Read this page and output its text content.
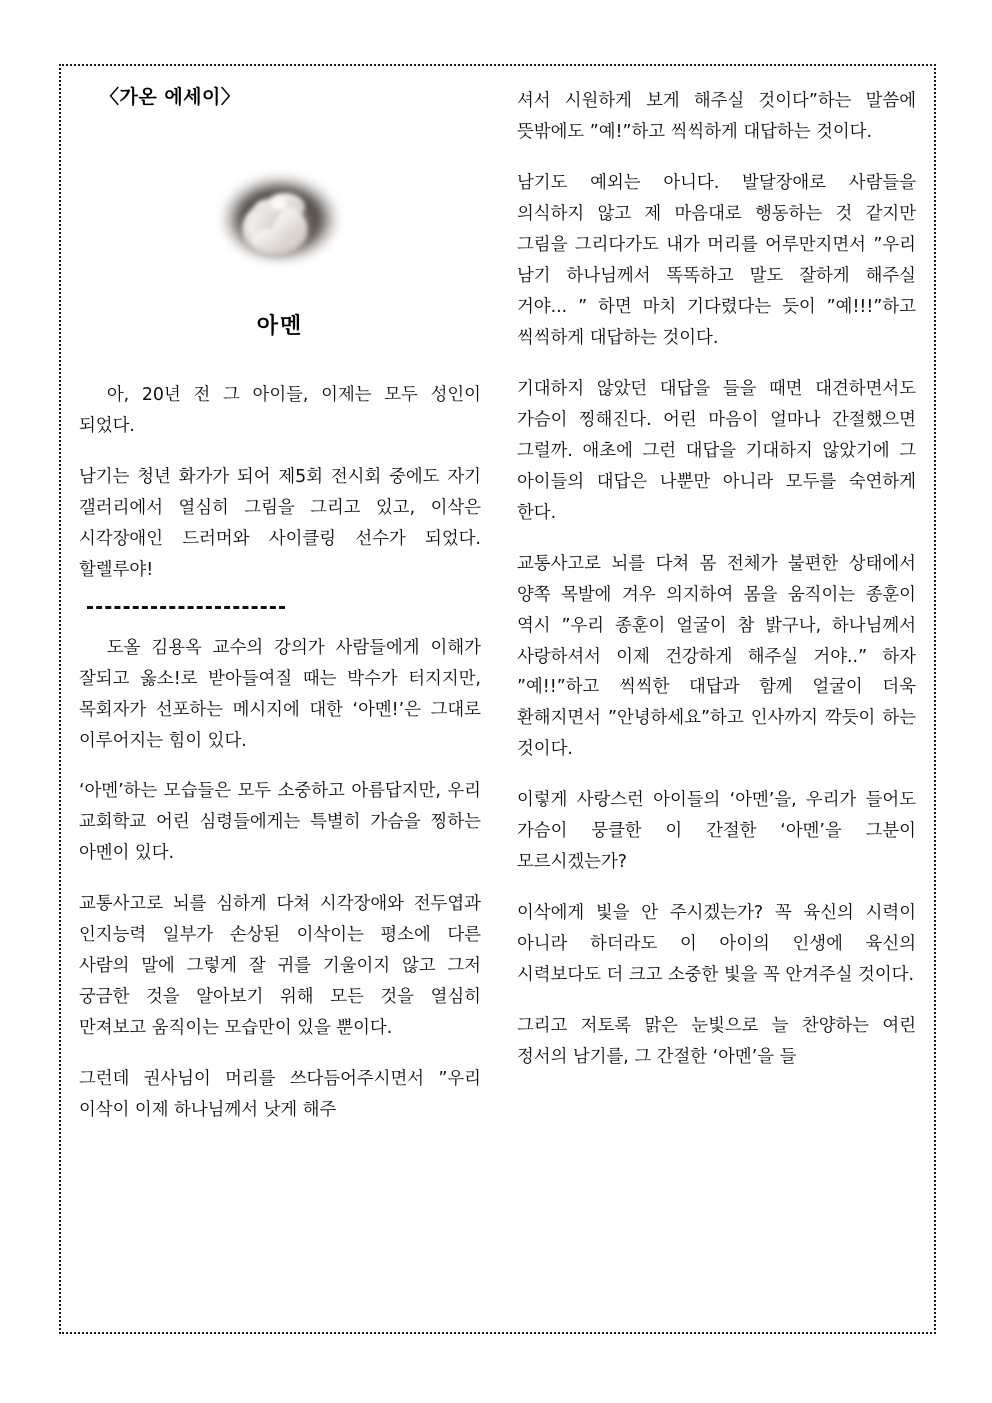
〈가온 에세이〉
아멘

아, 20년 전 그 아이들, 이제는 모두 성인이 되었다.

남기는 청년 화가가 되어 제5회 전시회 중에도 자기 갤러리에서 열심히 그림을 그리고 있고, 이삭은 시각장애인 드러머와 사이클링 선수가 되었다. 할렐루야!

도올 김용옥 교수의 강의가 사람들에게 이해가 잘되고 옳소!로 받아들여질 때는 박수가 터지지만, 목회자가 선포하는 메시지에 대한 ‘아멘!’은 그대로 이루어지는 힘이 있다.

‘아멘’하는 모습들은 모두 소중하고 아름답지만, 우리 교회학교 어린 심령들에게는 특별히 가슴을 찡하는 아멘이 있다.

교통사고로 뇌를 심하게 다쳐 시각장애와 전두엽과 인지능력 일부가 손상된 이삭이는 평소에 다른 사람의 말에 그렇게 잘 귀를 기울이지 않고 그저 궁금한 것을 알아보기 위해 모든 것을 열심히 만져보고 움직이는 모습만이 있을 뿐이다.

그런데 권사님이 머리를 쓰다듬어주시면서 ”우리 이삭이 이제 하나님께서 낫게 해주

셔서 시원하게 보게 해주실 것이다”하는 말씀에 뜻밖에도 ”예!”하고 씩씩하게 대답하는 것이다.

남기도 예외는 아니다. 발달장애로 사람들을 의식하지 않고 제 마음대로 행동하는 것 같지만 그림을 그리다가도 내가 머리를 어루만지면서 ”우리 남기 하나님께서 똑똑하고 말도 잘하게 해주실 거야... ” 하면 마치 기다렸다는 듯이 ”예!!!”하고 씩씩하게 대답하는 것이다.

기대하지 않았던 대답을 들을 때면 대견하면서도 가슴이 찡해진다. 어린 마음이 얼마나 간절했으면 그럴까. 애초에 그런 대답을 기대하지 않았기에 그 아이들의 대답은 나뿐만 아니라 모두를 숙연하게 한다.

교통사고로 뇌를 다쳐 몸 전체가 불편한 상태에서 양쪽 목발에 겨우 의지하여 몸을 움직이는 종훈이 역시 ”우리 종훈이 얼굴이 참 밝구나, 하나님께서 사랑하셔서 이제 건강하게 해주실 거야..” 하자 ”예!!”하고 씩씩한 대답과 함께 얼굴이 더욱 환해지면서 ”안녕하세요”하고 인사까지 깍듯이 하는 것이다.

이렇게 사랑스런 아이들의 ‘아멘’을, 우리가 들어도 가슴이 뭉클한 이 간절한 ‘아멘’을 그분이 모르시겠는가?

이삭에게 빛을 안 주시겠는가? 꼭 육신의 시력이 아니라 하더라도 이 아이의 인생에 육신의 시력보다도 더 크고 소중한 빛을 꼭 안겨주실 것이다.

그리고 저토록 맑은 눈빛으로 늘 찬양하는 여린 정서의 남기를, 그 간절한 ‘아멘’을 들
